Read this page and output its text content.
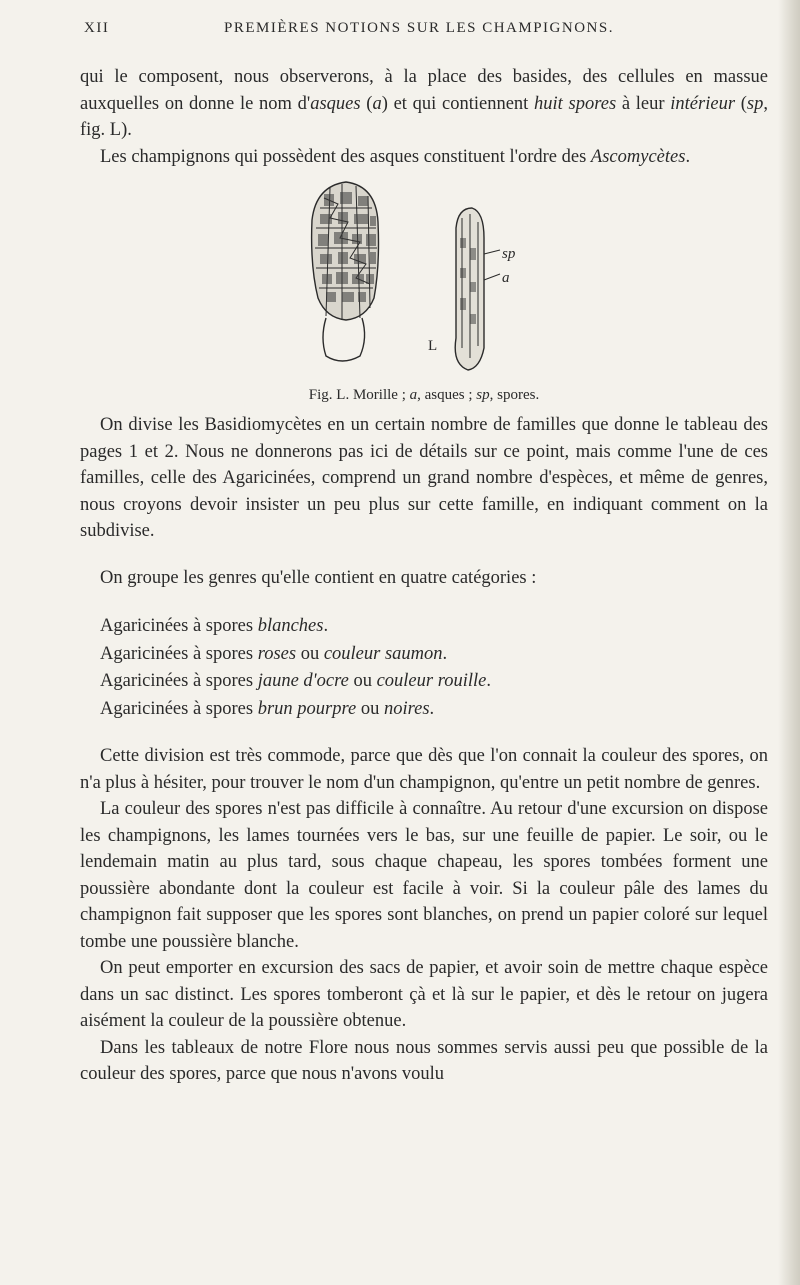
XII	PREMIÈRES NOTIONS SUR LES CHAMPIGNONS.

qui le composent, nous observerons, à la place des basides, des cellules en massue auxquelles on donne le nom d'asques (a) et qui contiennent huit spores à leur intérieur (sp, fig. L).

Les champignons qui possèdent des asques constituent l'ordre des Ascomycètes.

sp
a
L
Fig. L. Morille ; a, asques ; sp, spores.

On divise les Basidiomycètes en un certain nombre de familles que donne le tableau des pages 1 et 2. Nous ne donnerons pas ici de détails sur ce point, mais comme l'une de ces familles, celle des Agaricinées, comprend un grand nombre d'espèces, et même de genres, nous croyons devoir insister un peu plus sur cette famille, en indiquant comment on la subdivise.

On groupe les genres qu'elle contient en quatre catégories :

Agaricinées à spores blanches.

Agaricinées à spores roses ou couleur saumon.

Agaricinées à spores jaune d'ocre ou couleur rouille.

Agaricinées à spores brun pourpre ou noires.

Cette division est très commode, parce que dès que l'on connait la couleur des spores, on n'a plus à hésiter, pour trouver le nom d'un champignon, qu'entre un petit nombre de genres.

La couleur des spores n'est pas difficile à connaître. Au retour d'une excursion on dispose les champignons, les lames tournées vers le bas, sur une feuille de papier. Le soir, ou le lendemain matin au plus tard, sous chaque chapeau, les spores tombées forment une poussière abondante dont la couleur est facile à voir. Si la couleur pâle des lames du champignon fait supposer que les spores sont blanches, on prend un papier coloré sur lequel tombe une poussière blanche.

On peut emporter en excursion des sacs de papier, et avoir soin de mettre chaque espèce dans un sac distinct. Les spores tomberont çà et là sur le papier, et dès le retour on jugera aisément la couleur de la poussière obtenue.

Dans les tableaux de notre Flore nous nous sommes servis aussi peu que possible de la couleur des spores, parce que nous n'avons voulu
